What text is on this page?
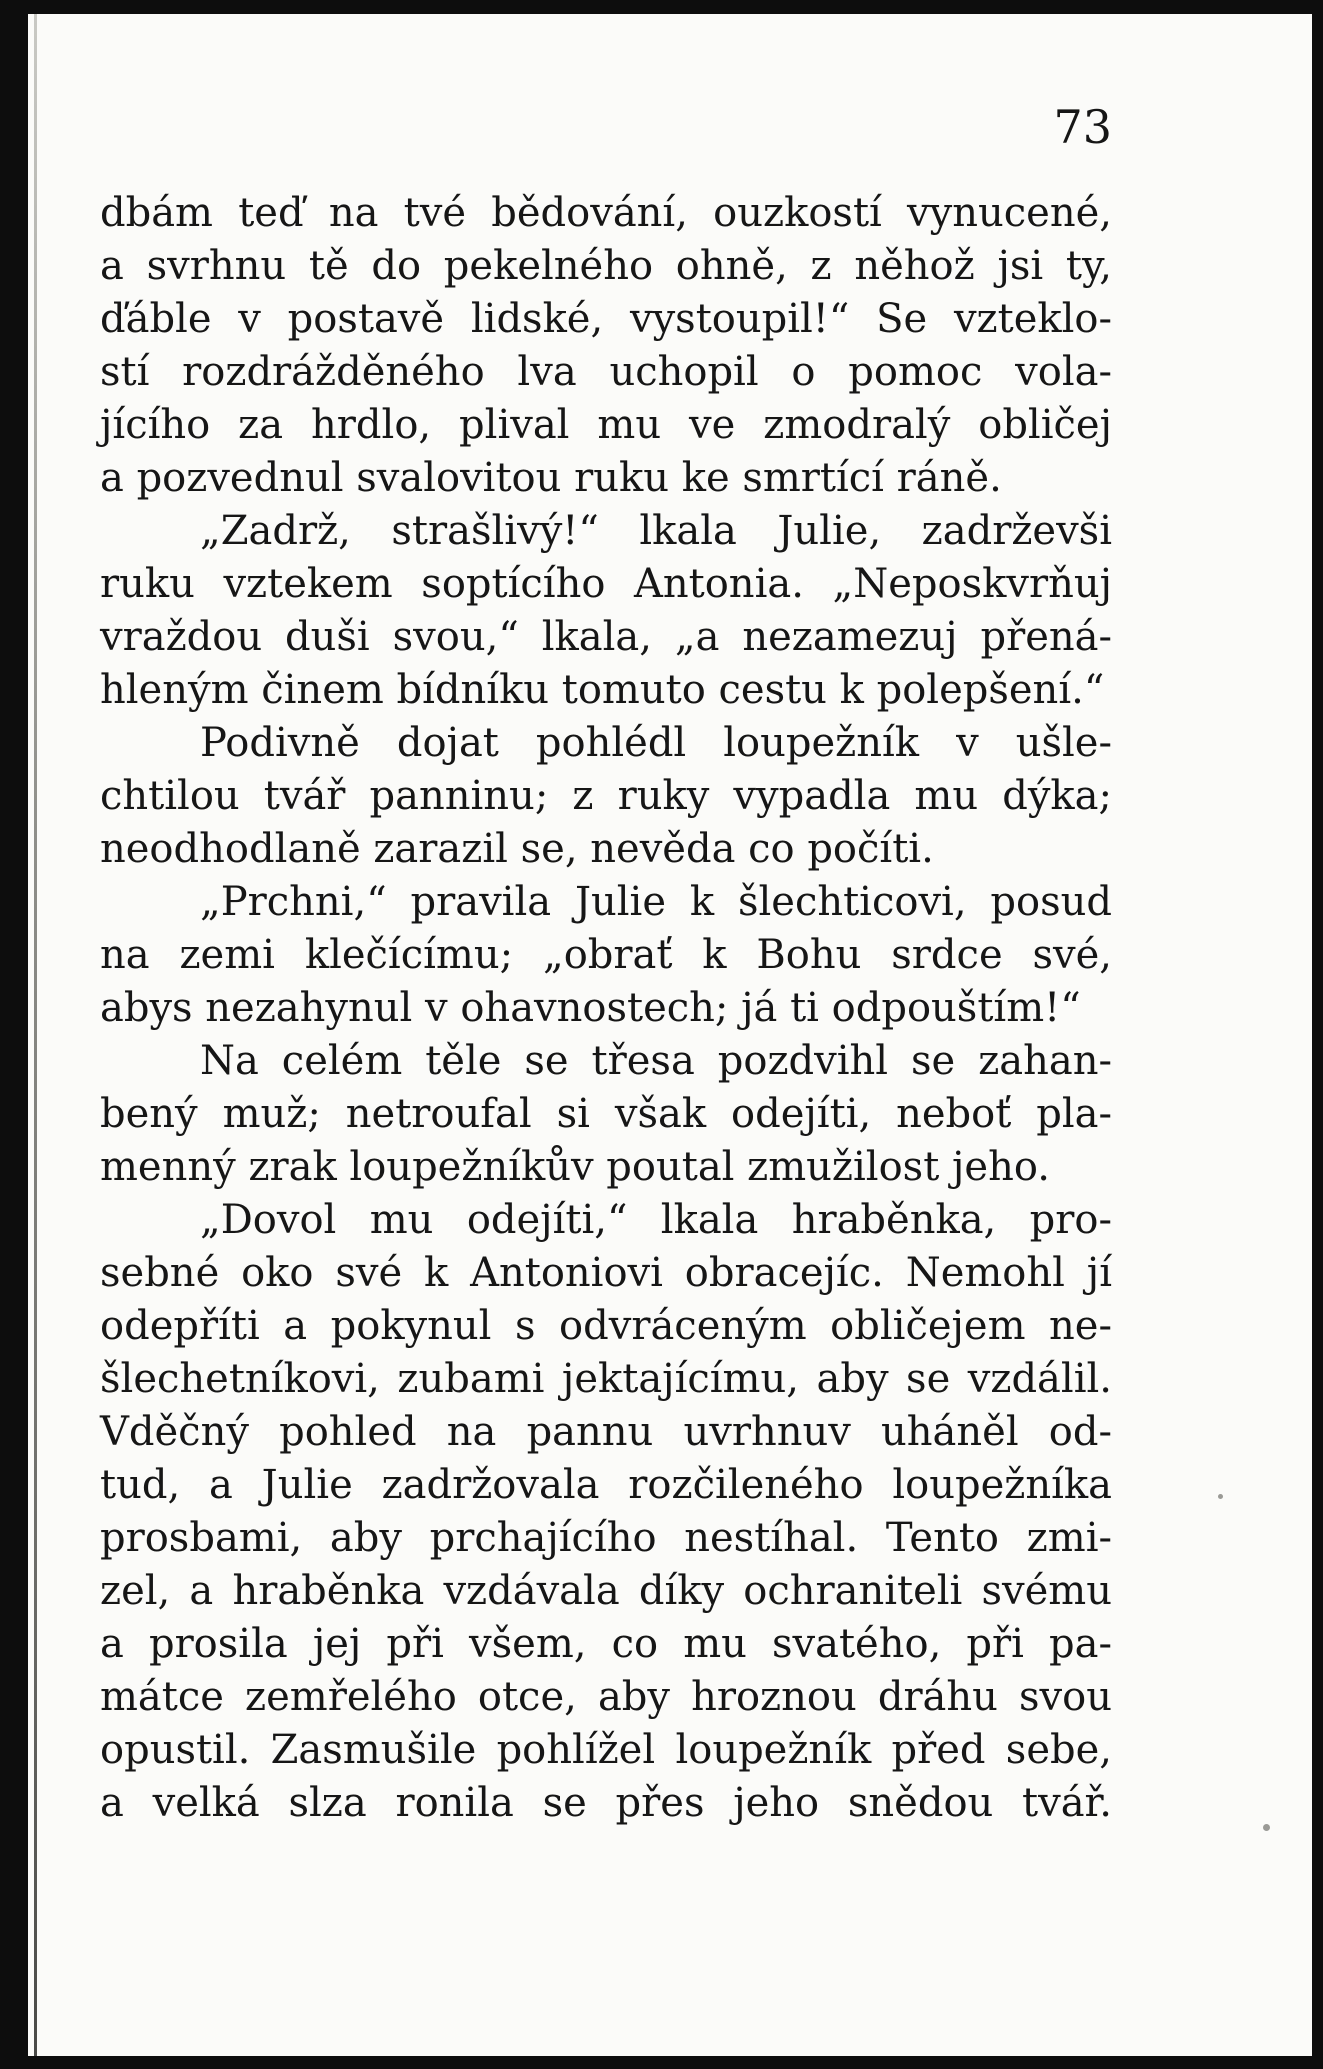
73
dbám teď na tvé bědování, ouzkostí vynucené,
a svrhnu tě do pekelného ohně, z něhož jsi ty,
ďáble v postavě lidské, vystoupil!“ Se vzteklo-
stí rozdrážděného lva uchopil o pomoc vola-
jícího za hrdlo, plival mu ve zmodralý obličej
a pozvednul svalovitou ruku ke smrtící ráně.
„Zadrž, strašlivý!“ lkala Julie, zadrževši
ruku vztekem soptícího Antonia. „Neposkvrňuj
vraždou duši svou,“ lkala, „a nezamezuj přená-
hleným činem bídníku tomuto cestu k polepšení.“
Podivně dojat pohlédl loupežník v ušle-
chtilou tvář panninu; z ruky vypadla mu dýka;
neodhodlaně zarazil se, nevěda co počíti.
„Prchni,“ pravila Julie k šlechticovi, posud
na zemi klečícímu; „obrať k Bohu srdce své,
abys nezahynul v ohavnostech; já ti odpouštím!“
Na celém těle se třesa pozdvihl se zahan-
bený muž; netroufal si však odejíti, neboť pla-
menný zrak loupežníkův poutal zmužilost jeho.
„Dovol mu odejíti,“ lkala hraběnka, pro-
sebné oko své k Antoniovi obracejíc. Nemohl jí
odepříti a pokynul s odvráceným obličejem ne-
šlechetníkovi, zubami jektajícímu, aby se vzdálil.
Vděčný pohled na pannu uvrhnuv uháněl od-
tud, a Julie zadržovala rozčileného loupežníka
prosbami, aby prchajícího nestíhal. Tento zmi-
zel, a hraběnka vzdávala díky ochraniteli svému
a prosila jej při všem, co mu svatého, při pa-
mátce zemřelého otce, aby hroznou dráhu svou
opustil. Zasmušile pohlížel loupežník před sebe,
a velká slza ronila se přes jeho snědou tvář.
